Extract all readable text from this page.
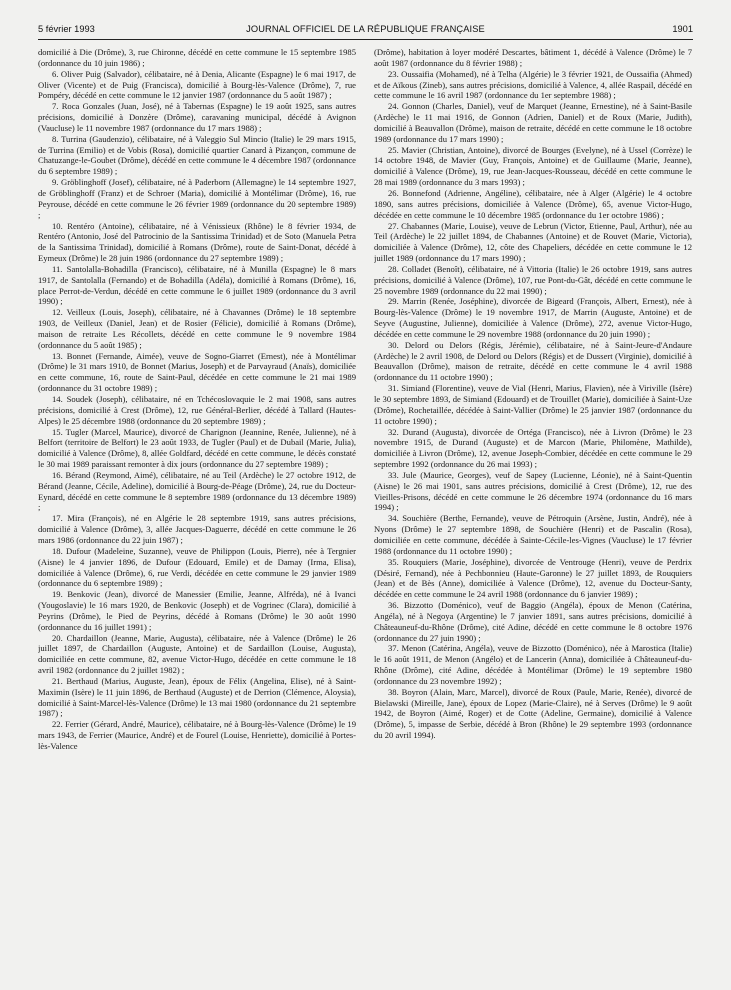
5 février 1993	JOURNAL OFFICIEL DE LA RÉPUBLIQUE FRANÇAISE	1901

domicilié à Die (Drôme), 3, rue Chironne, décédé en cette commune le 15 septembre 1985 (ordonnance du 10 juin 1986) ;

6. Oliver Puig (Salvador), célibataire, né à Denia, Alicante (Espagne) le 6 mai 1917, de Oliver (Vicente) et de Puig (Francisca), domicilié à Bourg-lès-Valence (Drôme), 7, rue Pompéry, décédé en cette commune le 12 janvier 1987 (ordonnance du 5 août 1987) ;

7. Roca Gonzales (Juan, José), né à Tabernas (Espagne) le 19 août 1925, sans autres précisions, domicilié à Donzère (Drôme), caravaning municipal, décédé à Avignon (Vaucluse) le 11 novembre 1987 (ordonnance du 17 mars 1988) ;

8. Turrina (Gaudenzio), célibataire, né à Valeggio Sul Mincio (Italie) le 29 mars 1915, de Turrina (Emilio) et de Vobis (Rosa), domicilié quartier Canard à Pizançon, commune de Chatuzange-le-Goubet (Drôme), décédé en cette commune le 4 décembre 1987 (ordonnance du 6 septembre 1989) ;

9. Gröblinghoff (Josef), célibataire, né à Paderborn (Allemagne) le 14 septembre 1927, de Gröblinghoff (Franz) et de Schroer (Maria), domicilié à Montélimar (Drôme), 16, rue Peyrouse, décédé en cette commune le 26 février 1989 (ordonnance du 20 septembre 1989) ;

10. Rentéro (Antoine), célibataire, né à Vénissieux (Rhône) le 8 février 1934, de Rentéro (Antonio, José del Patrocinio de la Santissima Trinidad) et de Soto (Manuela Petra de la Santissima Trinidad), domicilié à Romans (Drôme), route de Saint-Donat, décédé à Eymeux (Drôme) le 28 juin 1986 (ordonnance du 27 septembre 1989) ;

11. Santolalla-Bohadilla (Francisco), célibataire, né à Munilla (Espagne) le 8 mars 1917, de Santolalla (Fernando) et de Bohadilla (Adéla), domicilié à Romans (Drôme), 16, place Perrot-de-Verdun, décédé en cette commune le 6 juillet 1989 (ordonnance du 3 avril 1990) ;

12. Veilleux (Louis, Joseph), célibataire, né à Chavannes (Drôme) le 18 septembre 1903, de Veilleux (Daniel, Jean) et de Rosier (Félicie), domicilié à Romans (Drôme), maison de retraite Les Récollets, décédé en cette commune le 9 novembre 1984 (ordonnance du 5 août 1985) ;

13. Bonnet (Fernande, Aimée), veuve de Sogno-Giarret (Ernest), née à Montélimar (Drôme) le 31 mars 1910, de Bonnet (Marius, Joseph) et de Parvayraud (Anaïs), domiciliée en cette commune, 16, route de Saint-Paul, décédée en cette commune le 21 mai 1989 (ordonnance du 31 octobre 1989) ;

14. Soudek (Joseph), célibataire, né en Tchécoslovaquie le 2 mai 1908, sans autres précisions, domicilié à Crest (Drôme), 12, rue Général-Berlier, décédé à Tallard (Hautes-Alpes) le 25 décembre 1988 (ordonnance du 20 septembre 1989) ;

15. Tugler (Marcel, Maurice), divorcé de Charignon (Jeannine, Renée, Julienne), né à Belfort (territoire de Belfort) le 23 août 1933, de Tugler (Paul) et de Dubail (Marie, Julia), domicilié à Valence (Drôme), 8, allée Goldfard, décédé en cette commune, le décès constaté le 30 mai 1989 paraissant remonter à dix jours (ordonnance du 27 septembre 1989) ;

16. Bérand (Reymond, Aimé), célibataire, né au Teil (Ardèche) le 27 octobre 1912, de Bérand (Jeanne, Cécile, Adeline), domicilié à Bourg-de-Péage (Drôme), 24, rue du Docteur-Eynard, décédé en cette commune le 8 septembre 1989 (ordonnance du 13 décembre 1989) ;

17. Mira (François), né en Algérie le 28 septembre 1919, sans autres précisions, domicilié à Valence (Drôme), 3, allée Jacques-Daguerre, décédé en cette commune le 26 mars 1986 (ordonnance du 22 juin 1987) ;

18. Dufour (Madeleine, Suzanne), veuve de Philippon (Louis, Pierre), née à Tergnier (Aisne) le 4 janvier 1896, de Dufour (Edouard, Emile) et de Damay (Irma, Elisa), domiciliée à Valence (Drôme), 6, rue Verdi, décédée en cette commune le 29 janvier 1989 (ordonnance du 6 septembre 1989) ;

19. Benkovic (Jean), divorcé de Manessier (Emilie, Jeanne, Alfréda), né à Ivanci (Yougoslavie) le 16 mars 1920, de Benkovic (Joseph) et de Vogrinec (Clara), domicilié à Peyrins (Drôme), le Pied de Peyrins, décédé à Romans (Drôme) le 30 août 1990 (ordonnance du 16 juillet 1991) ;

20. Chardaillon (Jeanne, Marie, Augusta), célibataire, née à Valence (Drôme) le 26 juillet 1897, de Chardaillon (Auguste, Antoine) et de Sardaillon (Louise, Augusta), domiciliée en cette commune, 82, avenue Victor-Hugo, décédée en cette commune le 18 avril 1982 (ordonnance du 2 juillet 1982) ;

21. Berthaud (Marius, Auguste, Jean), époux de Félix (Angelina, Elise), né à Saint-Maximin (Isère) le 11 juin 1896, de Berthaud (Auguste) et de Derrion (Clémence, Aloysia), domicilié à Saint-Marcel-lès-Valence (Drôme) le 13 mai 1980 (ordonnance du 21 septembre 1987) ;

22. Ferrier (Gérard, André, Maurice), célibataire, né à Bourg-lès-Valence (Drôme) le 19 mars 1943, de Ferrier (Maurice, André) et de Fourel (Louise, Henriette), domicilié à Portes-lès-Valence

(Drôme), habitation à loyer modéré Descartes, bâtiment 1, décédé à Valence (Drôme) le 7 août 1987 (ordonnance du 8 février 1988) ;

23. Oussaifia (Mohamed), né à Telha (Algérie) le 3 février 1921, de Oussaifia (Ahmed) et de Aïkous (Zineb), sans autres précisions, domicilié à Valence, 4, allée Raspail, décédé en cette commune le 16 avril 1987 (ordonnance du 1er septembre 1988) ;

24. Gonnon (Charles, Daniel), veuf de Marquet (Jeanne, Ernestine), né à Saint-Basile (Ardèche) le 11 mai 1916, de Gonnon (Adrien, Daniel) et de Roux (Marie, Judith), domicilié à Beauvallon (Drôme), maison de retraite, décédé en cette commune le 18 octobre 1989 (ordonnance du 17 mars 1990) ;

25. Mavier (Christian, Antoine), divorcé de Bourges (Evelyne), né à Ussel (Corrèze) le 14 octobre 1948, de Mavier (Guy, François, Antoine) et de Guillaume (Marie, Jeanne), domicilié à Valence (Drôme), 19, rue Jean-Jacques-Rousseau, décédé en cette commune le 28 mai 1989 (ordonnance du 3 mars 1993) ;

26. Bonnefond (Adrienne, Angéline), célibataire, née à Alger (Algérie) le 4 octobre 1890, sans autres précisions, domiciliée à Valence (Drôme), 65, avenue Victor-Hugo, décédée en cette commune le 10 décembre 1985 (ordonnance du 1er octobre 1986) ;

27. Chabannes (Marie, Louise), veuve de Lebrun (Victor, Etienne, Paul, Arthur), née au Teil (Ardèche) le 22 juillet 1894, de Chabannes (Antoine) et de Rouvet (Marie, Victoria), domiciliée à Valence (Drôme), 12, côte des Chapeliers, décédée en cette commune le 12 juillet 1989 (ordonnance du 17 mars 1990) ;

28. Colladet (Benoît), célibataire, né à Vittoria (Italie) le 26 octobre 1919, sans autres précisions, domicilié à Valence (Drôme), 107, rue Pont-du-Gât, décédé en cette commune le 25 novembre 1989 (ordonnance du 22 mai 1990) ;

29. Marrin (Renée, Joséphine), divorcée de Bigeard (François, Albert, Ernest), née à Bourg-lès-Valence (Drôme) le 19 novembre 1917, de Marrin (Auguste, Antoine) et de Seyve (Augustine, Julienne), domiciliée à Valence (Drôme), 272, avenue Victor-Hugo, décédée en cette commune le 29 novembre 1988 (ordonnance du 20 juin 1990) ;

30. Delord ou Delors (Régis, Jérémie), célibataire, né à Saint-Jeure-d'Andaure (Ardèche) le 2 avril 1908, de Delord ou Delors (Régis) et de Dussert (Virginie), domicilié à Beauvallon (Drôme), maison de retraite, décédé en cette commune le 4 avril 1988 (ordonnance du 11 octobre 1990) ;

31. Simiand (Florentine), veuve de Vial (Henri, Marius, Flavien), née à Viriville (Isère) le 30 septembre 1893, de Simiand (Edouard) et de Trouillet (Marie), domiciliée à Saint-Uze (Drôme), Rochetaillée, décédée à Saint-Vallier (Drôme) le 25 janvier 1987 (ordonnance du 11 octobre 1990) ;

32. Durand (Augusta), divorcée de Ortéga (Francisco), née à Livron (Drôme) le 23 novembre 1915, de Durand (Auguste) et de Marcon (Marie, Philomène, Mathilde), domiciliée à Livron (Drôme), 12, avenue Joseph-Combier, décédée en cette commune le 29 septembre 1992 (ordonnance du 26 mai 1993) ;

33. Jule (Maurice, Georges), veuf de Sapey (Lucienne, Léonie), né à Saint-Quentin (Aisne) le 26 mai 1901, sans autres précisions, domicilié à Crest (Drôme), 12, rue des Vieilles-Prisons, décédé en cette commune le 26 décembre 1974 (ordonnance du 16 mars 1994) ;

34. Souchière (Berthe, Fernande), veuve de Pétroquin (Arsène, Justin, André), née à Nyons (Drôme) le 27 septembre 1898, de Souchière (Henri) et de Pascalin (Rosa), domiciliée en cette commune, décédée à Sainte-Cécile-les-Vignes (Vaucluse) le 17 février 1988 (ordonnance du 11 octobre 1990) ;

35. Rouquiers (Marie, Joséphine), divorcée de Ventrouge (Henri), veuve de Perdrix (Désiré, Fernand), née à Pechbonnieu (Haute-Garonne) le 27 juillet 1893, de Rouquiers (Jean) et de Bès (Anne), domiciliée à Valence (Drôme), 12, avenue du Docteur-Santy, décédée en cette commune le 24 avril 1988 (ordonnance du 6 janvier 1989) ;

36. Bizzotto (Doménico), veuf de Baggio (Angéla), époux de Menon (Catérina, Angéla), né à Negoya (Argentine) le 7 janvier 1891, sans autres précisions, domicilié à Châteauneuf-du-Rhône (Drôme), cité Adine, décédé en cette commune le 8 octobre 1976 (ordonnance du 27 juin 1990) ;

37. Menon (Catérina, Angéla), veuve de Bizzotto (Doménico), née à Marostica (Italie) le 16 août 1911, de Menon (Angélo) et de Lancerin (Anna), domiciliée à Châteauneuf-du-Rhône (Drôme), cité Adine, décédée à Montélimar (Drôme) le 19 septembre 1980 (ordonnance du 23 novembre 1992) ;

38. Boyron (Alain, Marc, Marcel), divorcé de Roux (Paule, Marie, Renée), divorcé de Bielawski (Mireille, Jane), époux de Lopez (Marie-Claire), né à Serves (Drôme) le 9 août 1942, de Boyron (Aimé, Roger) et de Cotte (Adeline, Germaine), domicilié à Valence (Drôme), 5, impasse de Serbie, décédé à Bron (Rhône) le 29 septembre 1993 (ordonnance du 20 avril 1994).
